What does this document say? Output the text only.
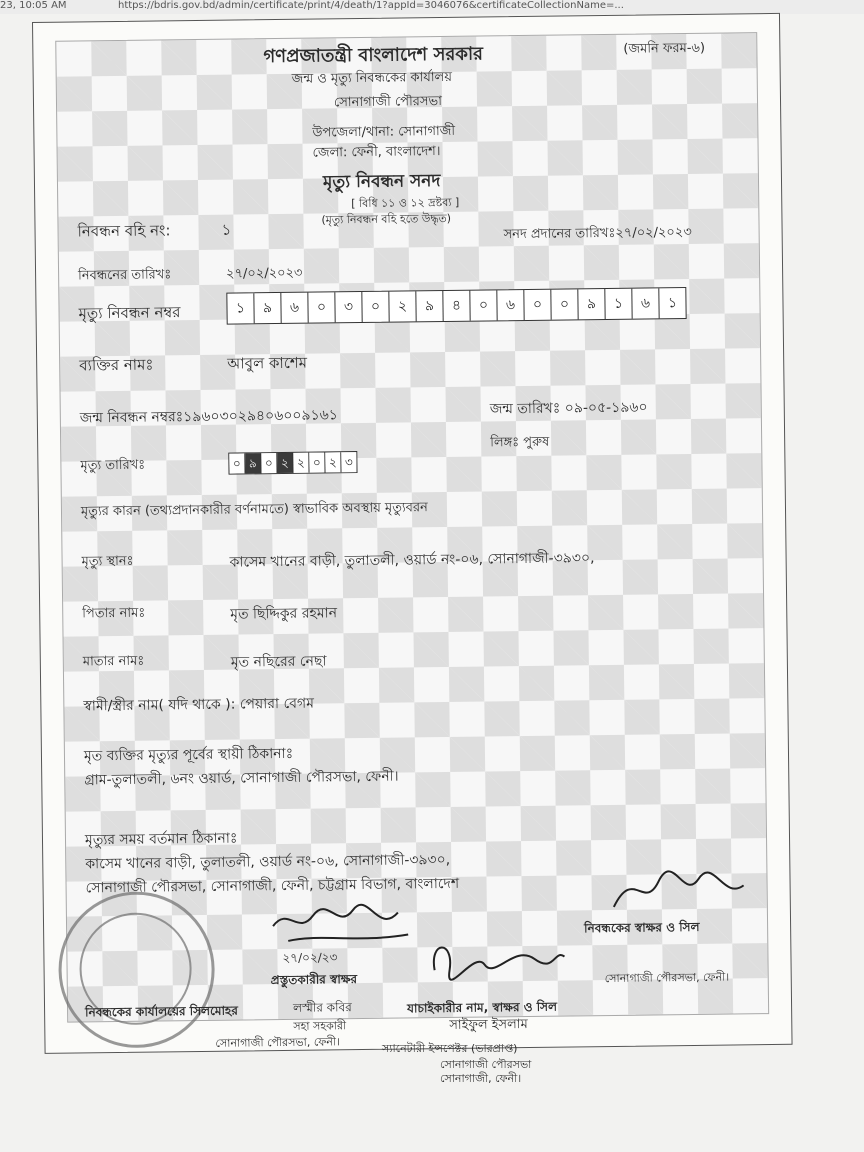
23, 10:05 AM	https://bdris.gov.bd/admin/certificate/print/4/death/1?appId=3046076&certificateCollectionName=...
গণপ্রজাতন্ত্রী বাংলাদেশ সরকার	(জমনি ফরম-৬)
জন্ম ও মৃত্যু নিবন্ধকের কার্যালয়
সোনাগাজী পৌরসভা
উপজেলা/থানা: সোনাগাজী
জেলা: ফেনী, বাংলাদেশ।
মৃত্যু নিবন্ধন সনদ
[ বিধি ১১ ও ১২ দ্রষ্টব্য ]
(মৃত্যু নিবন্ধন বহি হতে উদ্ধৃত)
নিবন্ধন বহি নং:	১	সনদ প্রদানের তারিখঃ২৭/০২/২০২৩
নিবন্ধনের তারিখঃ	২৭/০২/২০২৩
মৃত্যু নিবন্ধন নম্বর	১	৯	৬	০	৩	০	২	৯	৪	০	৬	০	০	৯	১	৬	১
ব্যক্তির নামঃ	আবুল কাশেম
জন্ম নিবন্ধন নম্বরঃ১৯৬০৩০২৯৪০৬০০৯১৬১	জন্ম তারিখঃ ০৯-০৫-১৯৬০
লিঙ্গঃ পুরুষ
মৃত্যু তারিখঃ	০ ৯ ০ ২ ২ ০ ২ ৩
মৃত্যুর কারন (তথ্যপ্রদানকারীর বর্ণনামতে) স্বাভাবিক অবস্থায় মৃত্যুবরন
মৃত্যু স্থানঃ	কাসেম খানের বাড়ী, তুলাতলী, ওয়ার্ড নং-০৬, সোনাগাজী-৩৯৩০,
পিতার নামঃ	মৃত ছিদ্দিকুর রহমান
মাতার নামঃ	মৃত নছিরের নেছা
স্বামী/স্ত্রীর নাম( যদি থাকে ): পেয়ারা বেগম
মৃত ব্যক্তির মৃত্যুর পূর্বের স্থায়ী ঠিকানাঃ
গ্রাম-তুলাতলী, ৬নং ওয়ার্ড, সোনাগাজী পৌরসভা, ফেনী।
মৃত্যুর সময় বর্তমান ঠিকানাঃ
কাসেম খানের বাড়ী, তুলাতলী, ওয়ার্ড নং-০৬, সোনাগাজী-৩৯৩০,
সোনাগাজী পৌরসভা, সোনাগাজী, ফেনী, চট্টগ্রাম বিভাগ, বাংলাদেশ
২৭/০২/২৩
প্রস্তুতকারীর স্বাক্ষর
নিবন্ধকের স্বাক্ষর ও সিল
সোনাগাজী পৌরসভা, ফেনী।
নিবন্ধকের কার্যালয়ের সিলমোহর	লস্মীর কবির
সহা সহকারী
সোনাগাজী পৌরসভা, ফেনী।
যাচাইকারীর নাম, স্বাক্ষর ও সিল
সাইফুল ইসলাম
স্যানেটারী ইন্সপেক্টর (ভারপ্রাপ্ত)
সোনাগাজী পৌরসভা
সোনাগাজী, ফেনী।
